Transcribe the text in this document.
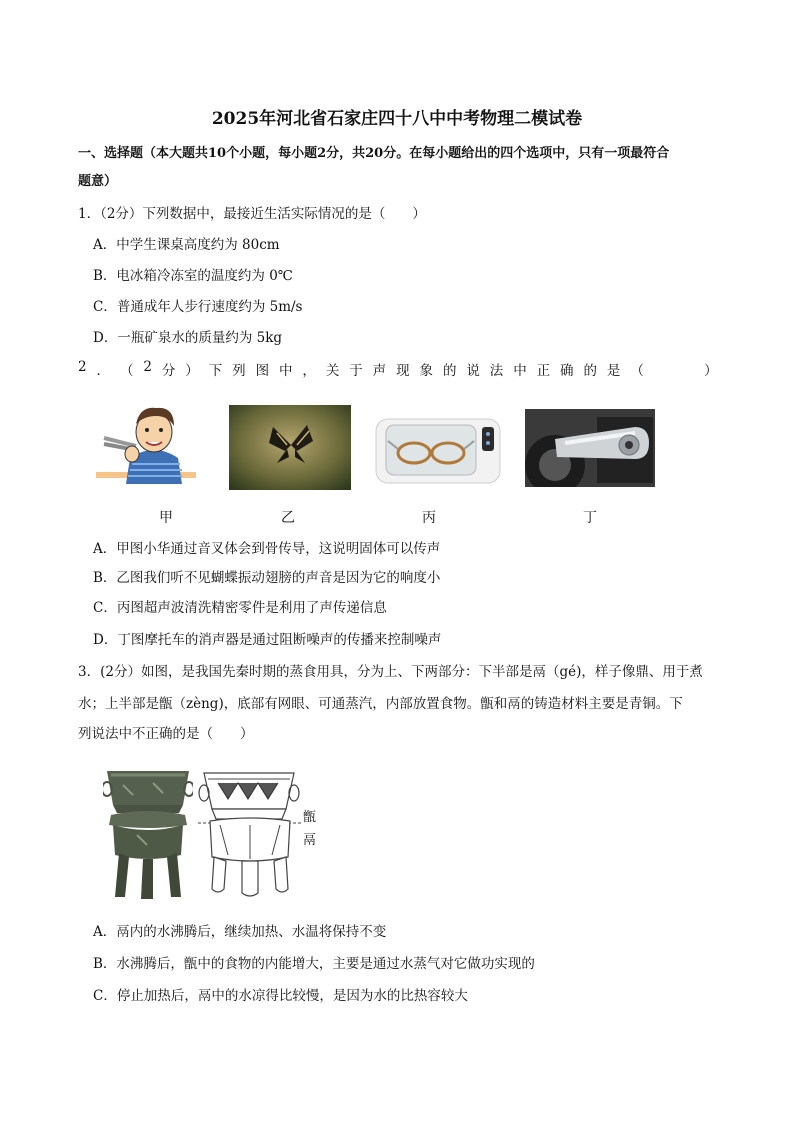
2025年河北省石家庄四十八中中考物理二模试卷
一、选择题（本大题共10个小题，每小题2分，共20分。在每小题给出的四个选项中，只有一项最符合
题意）
1．（2分）下列数据中，最接近生活实际情况的是（　　）
A．中学生课桌高度约为 80cm
B．电冰箱冷冻室的温度约为 0℃
C．普通成年人步行速度约为 5m/s
D．一瓶矿泉水的质量约为 5kg
2 ． （ 2 分 ） 下 列 图 中 ， 关 于 声 现 象 的 说 法 中 正 确 的 是 （
　　　	）
甲	乙	丙	丁
A．甲图小华通过音叉体会到骨传导，这说明固体可以传声
B．乙图我们听不见蝴蝶振动翅膀的声音是因为它的响度小
C．丙图超声波清洗精密零件是利用了声传递信息
D．丁图摩托车的消声器是通过阻断噪声的传播来控制噪声
3．(2分）如图，是我国先秦时期的蒸食用具，分为上、下两部分：下半部是鬲（gé)，样子像鼎、用于煮
水；上半部是甑（zèng)，底部有网眼、可通蒸汽，内部放置食物。甑和鬲的铸造材料主要是青铜。下
列说法中不正确的是（　　）
甑
鬲
A．鬲内的水沸腾后，继续加热、水温将保持不变
B．水沸腾后，甑中的食物的内能增大，主要是通过水蒸气对它做功实现的
C．停止加热后，鬲中的水凉得比较慢，是因为水的比热容较大
